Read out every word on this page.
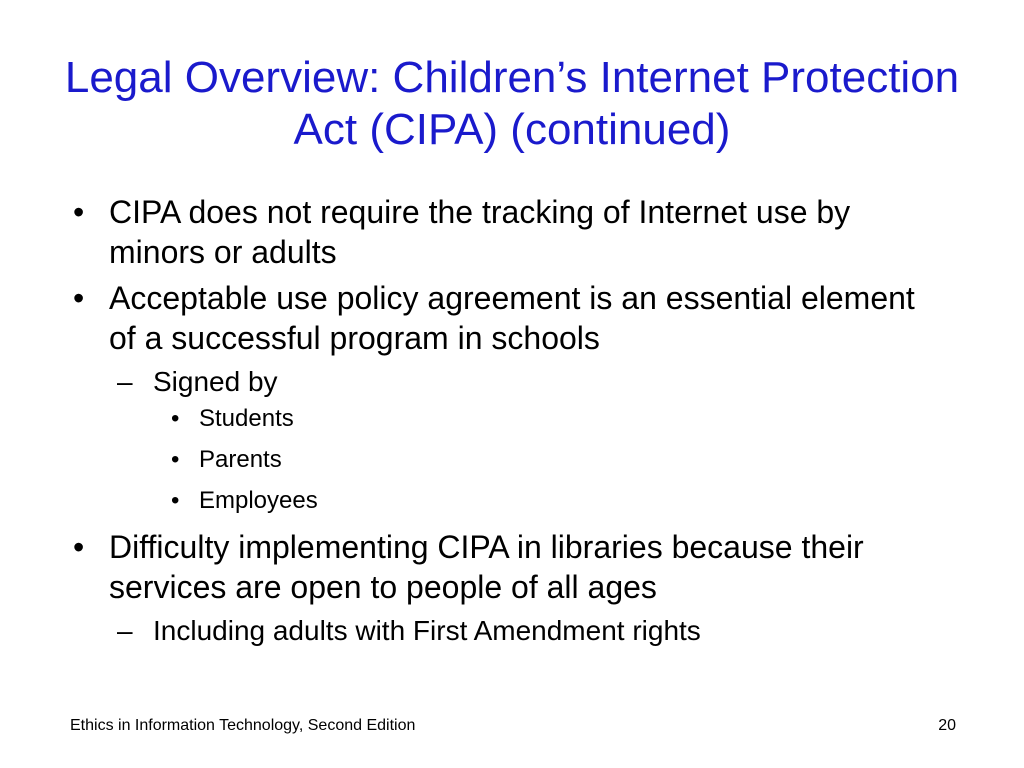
Legal Overview: Children’s Internet Protection Act (CIPA) (continued)
• CIPA does not require the tracking of Internet use by minors or adults
• Acceptable use policy agreement is an essential element of a successful program in schools
– Signed by
• Students
• Parents
• Employees
• Difficulty implementing CIPA in libraries because their services are open to people of all ages
– Including adults with First Amendment rights
Ethics in Information Technology, Second Edition	20
